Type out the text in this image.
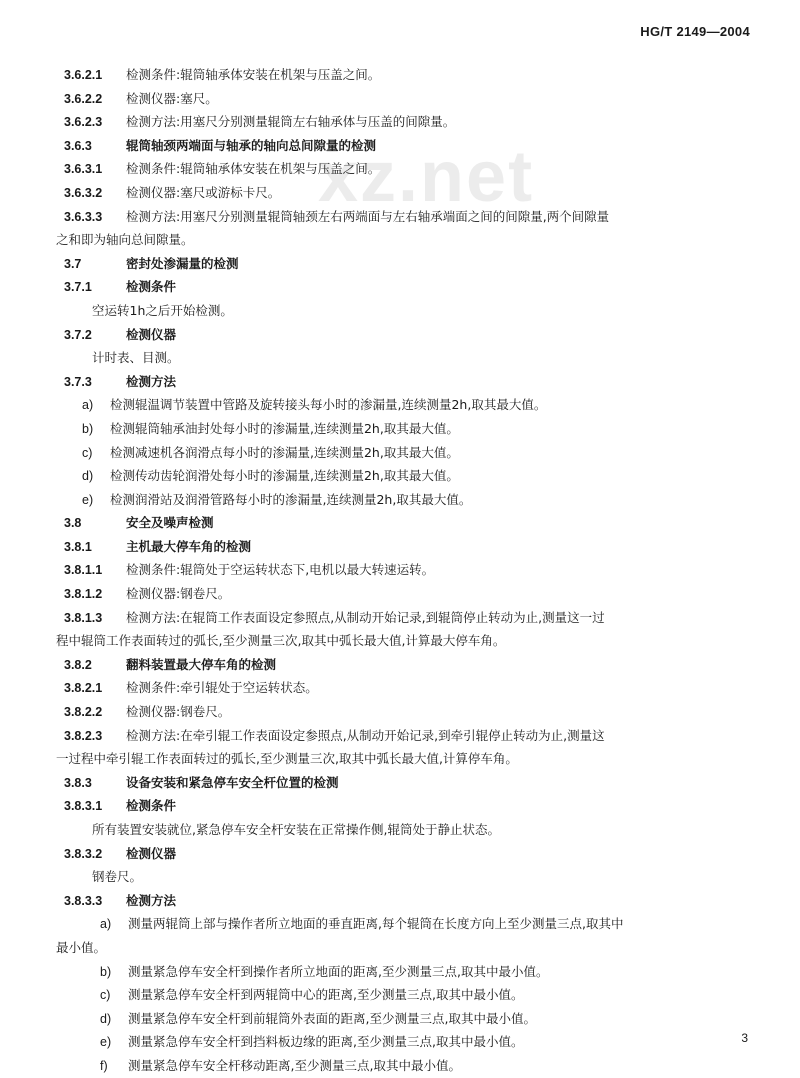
HG/T 2149—2004
xz.net
3.6.2.1 检测条件:辊筒轴承体安装在机架与压盖之间。
3.6.2.2 检测仪器:塞尺。
3.6.2.3 检测方法:用塞尺分别测量辊筒左右轴承体与压盖的间隙量。
3.6.3	辊筒轴颈两端面与轴承的轴向总间隙量的检测
3.6.3.1 检测条件:辊筒轴承体安装在机架与压盖之间。
3.6.3.2 检测仪器:塞尺或游标卡尺。
3.6.3.3 检测方法:用塞尺分别测量辊筒轴颈左右两端面与左右轴承端面之间的间隙量,两个间隙量
之和即为轴向总间隙量。
3.7	密封处渗漏量的检测
3.7.1	检测条件
空运转1h之后开始检测。
3.7.2	检测仪器
计时表、目测。
3.7.3	检测方法
a) 检测辊温调节装置中管路及旋转接头每小时的渗漏量,连续测量2h,取其最大值。
b) 检测辊筒轴承油封处每小时的渗漏量,连续测量2h,取其最大值。
c) 检测减速机各润滑点每小时的渗漏量,连续测量2h,取其最大值。
d) 检测传动齿轮润滑处每小时的渗漏量,连续测量2h,取其最大值。
e) 检测润滑站及润滑管路每小时的渗漏量,连续测量2h,取其最大值。
3.8	安全及噪声检测
3.8.1	主机最大停车角的检测
3.8.1.1 检测条件:辊筒处于空运转状态下,电机以最大转速运转。
3.8.1.2 检测仪器:钢卷尺。
3.8.1.3 检测方法:在辊筒工作表面设定参照点,从制动开始记录,到辊筒停止转动为止,测量这一过
程中辊筒工作表面转过的弧长,至少测量三次,取其中弧长最大值,计算最大停车角。
3.8.2	翻料装置最大停车角的检测
3.8.2.1 检测条件:牵引辊处于空运转状态。
3.8.2.2 检测仪器:钢卷尺。
3.8.2.3 检测方法:在牵引辊工作表面设定参照点,从制动开始记录,到牵引辊停止转动为止,测量这
一过程中牵引辊工作表面转过的弧长,至少测量三次,取其中弧长最大值,计算停车角。
3.8.3	设备安装和紧急停车安全杆位置的检测
3.8.3.1 检测条件
所有装置安装就位,紧急停车安全杆安装在正常操作侧,辊筒处于静止状态。
3.8.3.2 检测仪器
钢卷尺。
3.8.3.3 检测方法
a) 测量两辊筒上部与操作者所立地面的垂直距离,每个辊筒在长度方向上至少测量三点,取其中
最小值。
b) 测量紧急停车安全杆到操作者所立地面的距离,至少测量三点,取其中最小值。
c) 测量紧急停车安全杆到两辊筒中心的距离,至少测量三点,取其中最小值。
d) 测量紧急停车安全杆到前辊筒外表面的距离,至少测量三点,取其中最小值。
e) 测量紧急停车安全杆到挡料板边缘的距离,至少测量三点,取其中最小值。
f) 测量紧急停车安全杆移动距离,至少测量三点,取其中最小值。
3
